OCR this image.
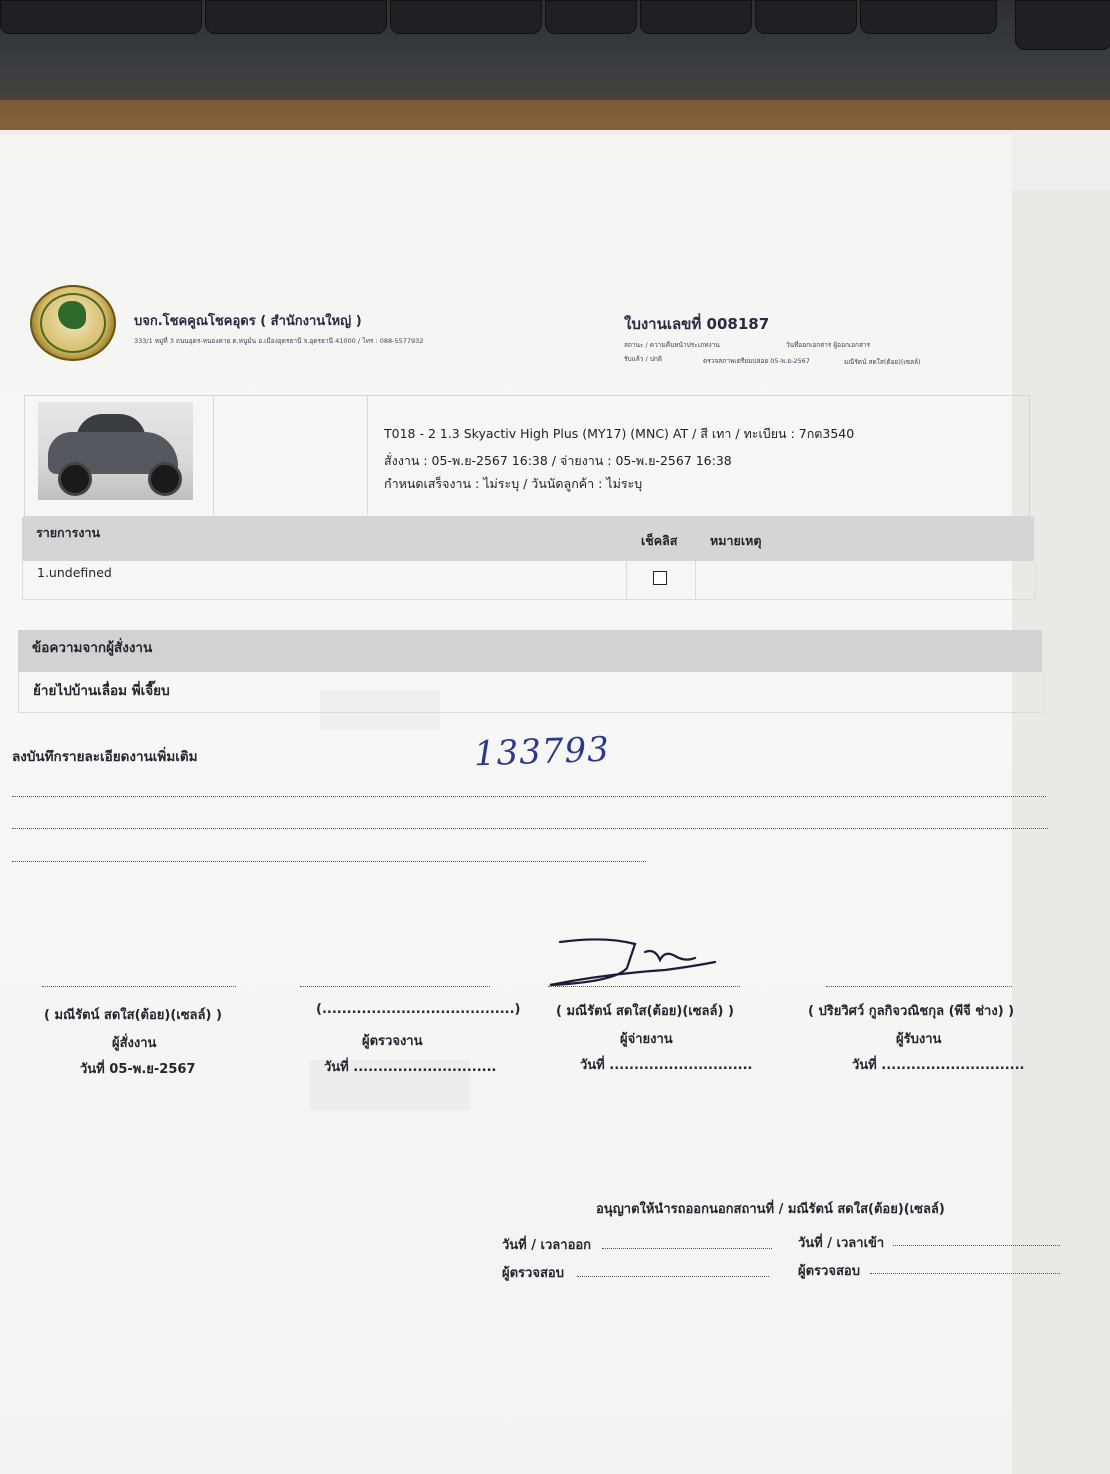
บจก.โชคคูณโชคอุดร ( สำนักงานใหญ่ )
333/1 หมู่ที่ 3 ถนนอุดร-หนองคาย ต.หนูมั่น อ.เมืองอุดรธานี จ.อุดรธานี 41000 / โทร : 088-5577932
ใบงานเลขที่ 008187
สถานะ / ความคืบหน้าประเภทงาน
รับแล้ว / ปกติ
วันที่ออกเอกสาร ผู้ออกเอกสาร
ตรวจสภาพเตรียมปล่อย 05-พ.ย-2567	มณีรัตน์ สดใส(ต้อย)(เซลล์)
T018 - 2 1.3 Skyactiv High Plus (MY17) (MNC) AT / สี เทา / ทะเบียน : 7กต3540
สั่งงาน : 05-พ.ย-2567 16:38 / จ่ายงาน : 05-พ.ย-2567 16:38
กำหนดเสร็จงาน : ไม่ระบุ / วันนัดลูกค้า : ไม่ระบุ
รายการงาน
เช็คลิส	หมายเหตุ
1.undefined
ข้อความจากผู้สั่งงาน
ย้ายไปบ้านเลื่อม พี่เจี๊ยบ
ลงบันทึกรายละเอียดงานเพิ่มเติม	133793
( มณีรัตน์ สดใส(ต้อย)(เซลล์) )
ผู้สั่งงาน
วันที่ 05-พ.ย-2567
(.......................................)
ผู้ตรวจงาน
วันที่ .............................
( มณีรัตน์ สดใส(ต้อย)(เซลล์) )
ผู้จ่ายงาน
วันที่ .............................
( ปริยวิศว์ กูลกิจวณิชกุล (พีจี ช่าง) )
ผู้รับงาน
วันที่ .............................
อนุญาตให้นำรถออกนอกสถานที่ / มณีรัตน์ สดใส(ต้อย)(เซลล์)
วันที่ / เวลาออก	วันที่ / เวลาเข้า
ผู้ตรวจสอบ	ผู้ตรวจสอบ
